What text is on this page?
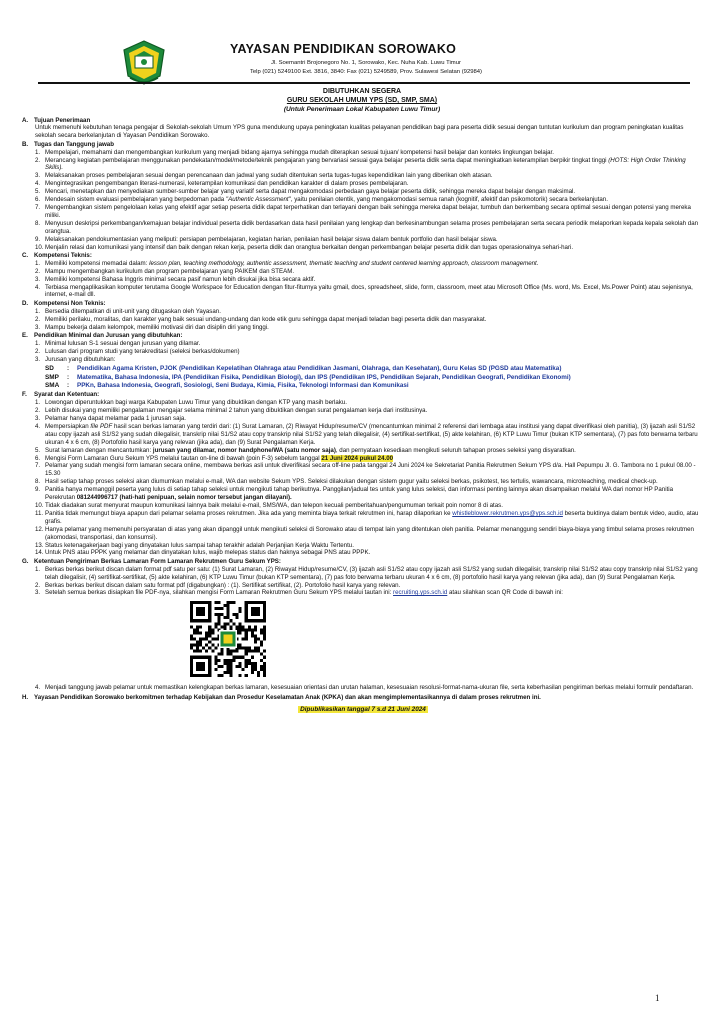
YAYASAN PENDIDIKAN SOROWAKO
Jl. Soemantri Brojonegoro No. 1, Sorowako, Kec. Nuha Kab. Luwu Timur
Telp (021) 5249100 Ext. 3816, 3840: Fax (021) 5249589, Prov. Sulawesi Selatan (92984)
DIBUTUHKAN SEGERA
GURU SEKOLAH UMUM YPS (SD, SMP, SMA)
(Untuk Penerimaan Lokal Kabupaten Luwu Timur)
A. Tujuan Penerimaan
Untuk memenuhi kebutuhan tenaga pengajar di Sekolah-sekolah Umum YPS guna mendukung upaya peningkatan kualitas pelayanan pendidikan bagi para peserta didik sesuai dengan tuntutan kurikulum dan program peningkatan kualitas sekolah secara berkelanjutan di Yayasan Pendidikan Sorowako.
B. Tugas dan Tanggung jawab
1. Mempelajari, memahami dan mengembangkan kurikulum yang menjadi bidang ajarnya sehingga mudah diterapkan sesuai tujuan/ kompetensi hasil belajar dan konteks lingkungan belajar.
2. Merancang kegiatan pembelajaran menggunakan pendekatan/model/metode/teknik pengajaran yang bervariasi sesuai gaya belajar peserta didik serta dapat meningkatkan keterampilan berpikir tingkat tinggi (HOTS: High Order Thinking Skills).
3. Melaksanakan proses pembelajaran sesuai dengan perencanaan dan jadwal yang sudah ditentukan serta tugas-tugas kependidikan lain yang diberikan oleh atasan.
4. Mengintegrasikan pengembangan literasi-numerasi, keterampilan komunikasi dan pendidikan karakter di dalam proses pembelajaran.
5. Mencari, menetapkan dan menyediakan sumber-sumber belajar yang variatif serta dapat mengakomodasi perbedaan gaya belajar peserta didik, sehingga mereka dapat belajar dengan maksimal.
6. Mendesain sistem evaluasi pembelajaran yang berpedoman pada "Authentic Assessment", yaitu penilaian otentik, yang mengakomodasi semua ranah (kognitif, afektif dan psikomotorik) secara berkelanjutan.
7. Mengembangkan sistem pengelolaan kelas yang efektif agar setiap peserta didik dapat terperhatikan dan terlayani dengan baik sehingga mereka dapat belajar, tumbuh dan berkembang secara optimal sesuai dengan potensi yang mereka miliki.
8. Menyusun deskripsi perkembangan/kemajuan belajar individual peserta didik berdasarkan data hasil penilaian yang lengkap dan berkesinambungan selama proses pembelajaran serta secara periodik melaporkan kepada kepala sekolah dan orangtua.
9. Melaksanakan pendokumentasian yang meliputi: persiapan pembelajaran, kegiatan harian, penilaian hasil belajar siswa dalam bentuk portfolio dan hasil belajar siswa.
10. Menjalin relasi dan komunikasi yang intensif dan baik dengan rekan kerja, peserta didik dan orangtua berkaitan dengan perkembangan belajar peserta didik dan tugas operasionalnya sehari-hari.
C. Kompetensi Teknis:
1. Memiliki kompetensi memadai dalam: lesson plan, teaching methodology, authentic assessment, thematic teaching and student centered learning approach, classroom management.
2. Mampu mengembangkan kurikulum dan program pembelajaran yang PAIKEM dan STEAM.
3. Memiliki kompetensi Bahasa Inggris minimal secara pasif namun lebih disukai jika bisa secara aktif.
4. Terbiasa mengaplikasikan komputer terutama Google Workspace for Education dengan fitur-fiturnya yaitu gmail, docs, spreadsheet, slide, form, classroom, meet atau Microsoft Office (Ms. word, Ms. Excel, Ms.Power Point) atau sejenisnya, internet, e-mail dll.
D. Kompetensi Non Teknis:
1. Bersedia ditempatkan di unit-unit yang ditugaskan oleh Yayasan.
2. Memiliki perilaku, moralitas, dan karakter yang baik sesuai undang-undang dan kode etik guru sehingga dapat menjadi teladan bagi peserta didik dan masyarakat.
3. Mampu bekerja dalam kelompok, memiliki motivasi diri dan disiplin diri yang tinggi.
E. Pendidikan Minimal dan Jurusan yang dibutuhkan:
1. Minimal lulusan S-1 sesuai dengan jurusan yang dilamar.
2. Lulusan dari program studi yang terakreditasi (seleksi berkas/dokumen)
3. Jurusan yang dibutuhkan:
SD	:	Pendidikan Agama Kristen, PJOK (Pendidikan Kepelatihan Olahraga atau Pendidikan Jasmani, Olahraga, dan Kesehatan), Guru Kelas SD (PGSD atau Matematika)
SMP	:	Matematika, Bahasa Indonesia, IPA (Pendidikan Fisika, Pendidikan Biologi), dan IPS (Pendidikan IPS, Pendidikan Sejarah, Pendidikan Geografi, Pendidikan Ekonomi)
SMA	:	PPKn, Bahasa Indonesia, Geografi, Sosiologi, Seni Budaya, Kimia, Fisika, Teknologi Informasi dan Komunikasi
F. Syarat dan Ketentuan:
1. Lowongan diperuntukkan bagi warga Kabupaten Luwu Timur yang dibuktikan dengan KTP yang masih berlaku.
2. Lebih disukai yang memiliki pengalaman mengajar selama minimal 2 tahun yang dibuktikan dengan surat pengalaman kerja dari institusinya.
3. Pelamar hanya dapat melamar pada 1 jurusan saja.
4. Mempersiapkan file PDF hasil scan berkas lamaran yang terdiri dari: (1) Surat Lamaran, (2) Riwayat Hidup/resume/CV (mencantumkan minimal 2 referensi dari lembaga atau institusi yang dapat diverifikasi oleh panitia), (3) ijazah asli S1/S2 atau copy ijazah asli S1/S2 yang sudah dilegalisir, transkrip nilai S1/S2 atau copy transkrip nilai S1/S2 yang telah dilegalisir, (4) sertifikat-sertifikat, (5) akte kelahiran, (6) KTP Luwu Timur (bukan KTP sementara), (7) pas foto berwarna terbaru ukuran 4 x 6 cm, (8) Portofolio hasil karya yang relevan (jika ada), dan (9) Surat Pengalaman Kerja.
5. Surat lamaran dengan mencantumkan: jurusan yang dilamar, nomor handphone/WA (satu nomor saja), dan pernyataan kesediaan mengikuti seluruh tahapan proses seleksi yang disyaratkan.
6. Mengisi Form Lamaran Guru Sekum YPS melalui tautan on-line di bawah (poin F-3) sebelum tanggal 21 Juni 2024 pukul 24.00
7. Pelamar yang sudah mengisi form lamaran secara online, membawa berkas asli untuk diverifikasi secara off-line pada tanggal 24 Juni 2024 ke Sekretariat Panitia Rekrutmen Sekum YPS d/a. Hall Pepumpu Jl. G. Tambora no 1 pukul 08.00 - 15.30
8. Hasil setiap tahap proses seleksi akan diumumkan melalui e-mail, WA dan website Sekum YPS. Seleksi dilakukan dengan sistem gugur yaitu seleksi berkas, psikotest, tes tertulis, wawancara, microteaching, medical check-up.
9. Panitia hanya memanggil peserta yang lulus di setiap tahap seleksi untuk mengikuti tahap berikutnya. Panggilan/jadual tes untuk yang lulus seleksi, dan informasi penting lainnya akan disampaikan melalui WA dari nomor HP Panitia Perekrutan 081244996717 (hati-hati penipuan, selain nomor tersebut jangan dilayani).
10. Tidak diadakan surat menyurat maupun komunikasi lainnya baik melalui e-mail, SMS/WA, dan telepon kecuali pemberitahuan/pengumuman terkait poin nomor 8 di atas.
11. Panitia tidak memungut biaya apapun dari pelamar selama proses rekrutmen. Jika ada yang meminta biaya terkait rekrutmen ini, harap dilaporkan ke whistleblower.rekrutmen.yps@yps.sch.id beserta buktinya dalam bentuk video, audio, atau grafis.
12. Hanya pelamar yang memenuhi persyaratan di atas yang akan dipanggil untuk mengikuti seleksi di Sorowako atau di tempat lain yang ditentukan oleh panitia. Pelamar menanggung sendiri biaya-biaya yang timbul selama proses rekrutmen (akomodasi, transportasi, dan konsumsi).
13. Status ketenagakerjaan bagi yang dinyatakan lulus sampai tahap terakhir adalah Perjanjian Kerja Waktu Tertentu.
14. Untuk PNS atau PPPK yang melamar dan dinyatakan lulus, wajib melepas status dan haknya sebagai PNS atau PPPK.
G. Ketentuan Pengiriman Berkas Lamaran Form Lamaran Rekrutmen Guru Sekum YPS:
1. Berkas berkas berikut discan dalam format pdf satu per satu: (1) Surat Lamaran, (2) Riwayat Hidup/resume/CV, (3) ijazah asli S1/S2 atau copy ijazah asli S1/S2 yang sudah dilegalisir, transkrip nilai S1/S2 atau copy transkrip nilai S1/S2 yang telah dilegalisir, (4) sertifikat-sertifikat, (5) akte kelahiran, (6) KTP Luwu Timur (bukan KTP sementara), (7) pas foto berwarna terbaru ukuran 4 x 6 cm, (8) portofolio hasil karya yang relevan (jika ada), dan (9) Surat Pengalaman Kerja.
2. Berkas berkas berikut discan dalam satu format pdf (digabungkan) : (1). Sertifikat sertifikat, (2). Portofolio hasil karya yang relevan.
3. Setelah semua berkas disiapkan file PDF-nya, silahkan mengisi Form Lamaran Rekrutmen Guru Sekum YPS melalui tautan ini: recruiting.yps.sch.id atau silahkan scan QR Code di bawah ini:
4. Menjadi tanggung jawab pelamar untuk memastikan kelengkapan berkas lamaran, kesesuaian orientasi dan urutan halaman, kesesuaian resolusi-format-nama-ukuran file, serta keberhasilan pengiriman berkas melalui formulir pendaftaran.
H. Yayasan Pendidikan Sorowako berkomitmen terhadap Kebijakan dan Prosedur Keselamatan Anak (KPKA) dan akan mengimplementasikannya di dalam proses rekrutmen ini.
Dipublikasikan tanggal 7 s.d 21 Juni 2024
1
